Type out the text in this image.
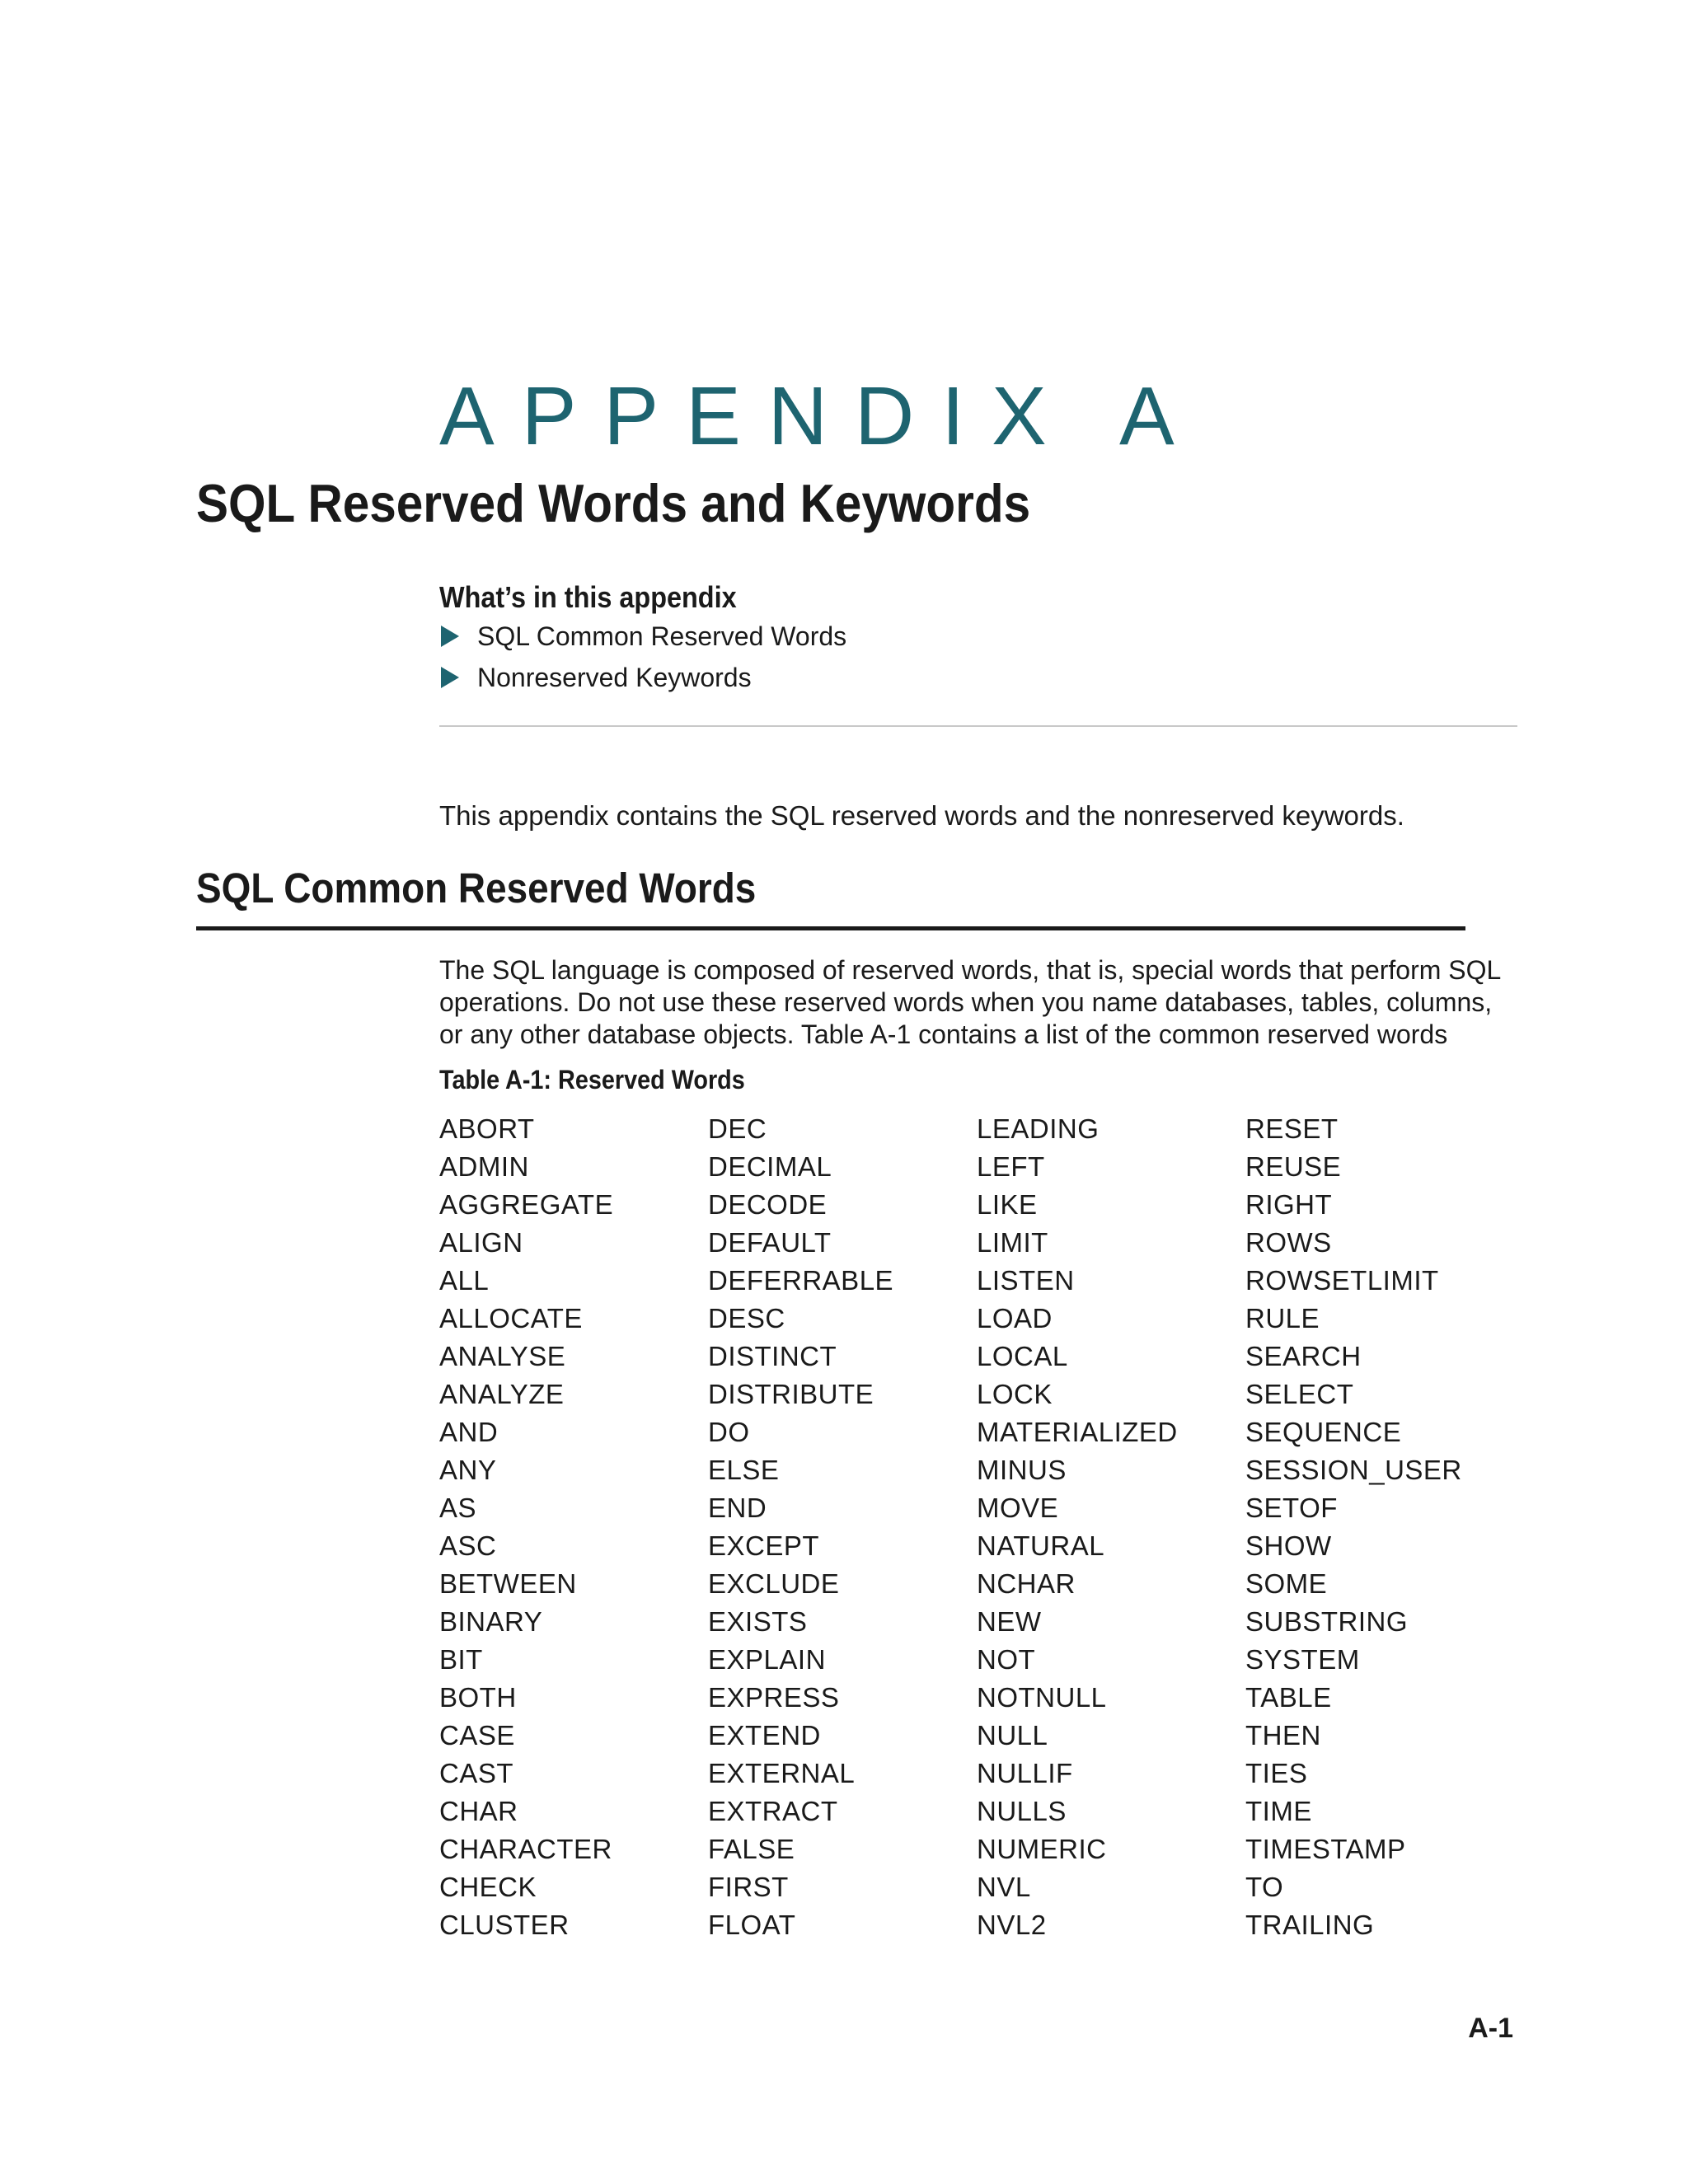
APPENDIX A
SQL Reserved Words and Keywords
What’s in this appendix
SQL Common Reserved Words
Nonreserved Keywords
This appendix contains the SQL reserved words and the nonreserved keywords.
SQL Common Reserved Words
The SQL language is composed of reserved words, that is, special words that perform SQL operations. Do not use these reserved words when you name databases, tables, columns, or any other database objects. Table A-1 contains a list of the common reserved words
Table A-1: Reserved Words
ABORT
ADMIN
AGGREGATE
ALIGN
ALL
ALLOCATE
ANALYSE
ANALYZE
AND
ANY
AS
ASC
BETWEEN
BINARY
BIT
BOTH
CASE
CAST
CHAR
CHARACTER
CHECK
CLUSTER
DEC
DECIMAL
DECODE
DEFAULT
DEFERRABLE
DESC
DISTINCT
DISTRIBUTE
DO
ELSE
END
EXCEPT
EXCLUDE
EXISTS
EXPLAIN
EXPRESS
EXTEND
EXTERNAL
EXTRACT
FALSE
FIRST
FLOAT
LEADING
LEFT
LIKE
LIMIT
LISTEN
LOAD
LOCAL
LOCK
MATERIALIZED
MINUS
MOVE
NATURAL
NCHAR
NEW
NOT
NOTNULL
NULL
NULLIF
NULLS
NUMERIC
NVL
NVL2
RESET
REUSE
RIGHT
ROWS
ROWSETLIMIT
RULE
SEARCH
SELECT
SEQUENCE
SESSION_USER
SETOF
SHOW
SOME
SUBSTRING
SYSTEM
TABLE
THEN
TIES
TIME
TIMESTAMP
TO
TRAILING
A-1
